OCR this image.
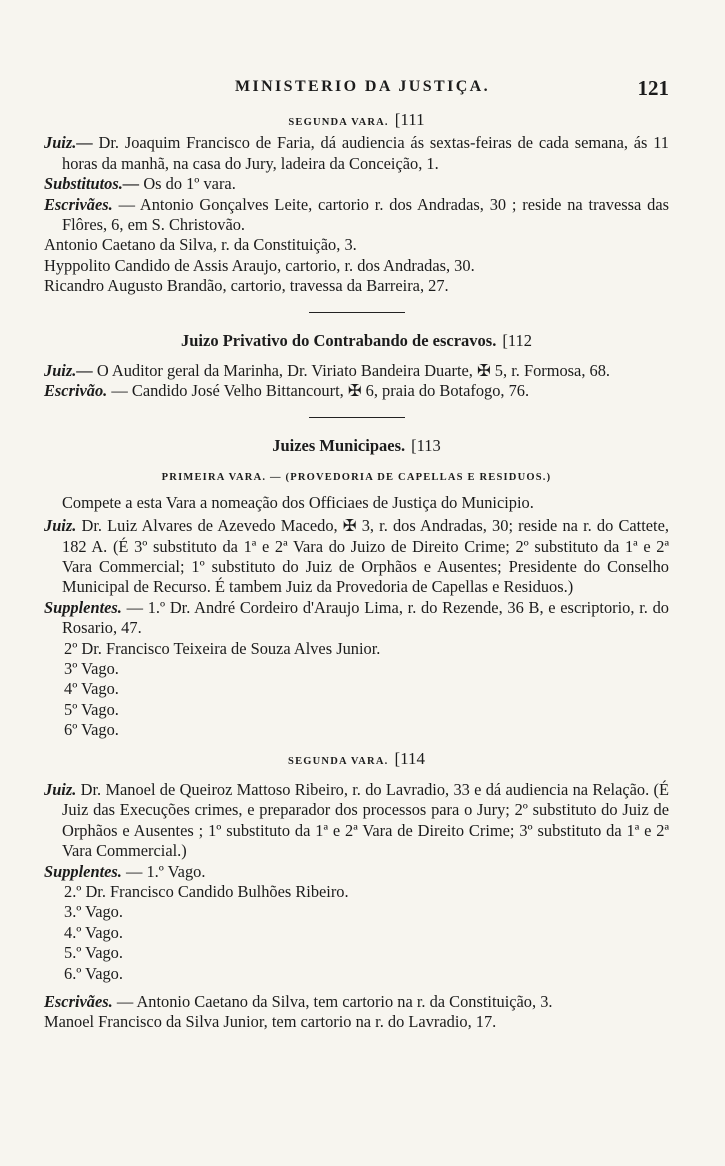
MINISTERIO DA JUSTIÇA.	121
SEGUNDA VARA. [111

Juiz.— Dr. Joaquim Francisco de Faria, dá audiencia ás sextas-feiras de cada semana, ás 11 horas da manhã, na casa do Jury, ladeira da Conceição, 1.

Substitutos.— Os do 1º vara.

Escrivães. — Antonio Gonçalves Leite, cartorio r. dos Andradas, 30 ; reside na travessa das Flôres, 6, em S. Christovão.

Antonio Caetano da Silva, r. da Constituição, 3.

Hyppolito Candido de Assis Araujo, cartorio, r. dos Andradas, 30.

Ricandro Augusto Brandão, cartorio, travessa da Barreira, 27.

Juizo Privativo do Contrabando de escravos. [112

Juiz.— O Auditor geral da Marinha, Dr. Viriato Bandeira Duarte, ✠ 5, r. Formosa, 68.

Escrivão. — Candido José Velho Bittancourt, ✠ 6, praia do Botafogo, 76.

Juizes Municipaes. [113
PRIMEIRA VARA. — (PROVEDORIA DE CAPELLAS E RESIDUOS.)

Compete a esta Vara a nomeação dos Officiaes de Justiça do Municipio.

Juiz. Dr. Luiz Alvares de Azevedo Macedo, ✠ 3, r. dos Andradas, 30; reside na r. do Cattete, 182 A. (É 3º substituto da 1ª e 2ª Vara do Juizo de Direito Crime; 2º substituto da 1ª e 2ª Vara Commercial; 1º substituto do Juiz de Orphãos e Ausentes; Presidente do Conselho Municipal de Recurso. É tambem Juiz da Provedoria de Capellas e Residuos.)

Supplentes. — 1.º Dr. André Cordeiro d'Araujo Lima, r. do Rezende, 36 B, e escriptorio, r. do Rosario, 47.

2º Dr. Francisco Teixeira de Souza Alves Junior.

3º Vago.

4º Vago.

5º Vago.

6º Vago.

SEGUNDA VARA. [114

Juiz. Dr. Manoel de Queiroz Mattoso Ribeiro, r. do Lavradio, 33 e dá audiencia na Relação. (É Juiz das Execuções crimes, e preparador dos processos para o Jury; 2º substituto do Juiz de Orphãos e Ausentes ; 1º substituto da 1ª e 2ª Vara de Direito Crime; 3º substituto da 1ª e 2ª Vara Commercial.)

Supplentes. — 1.º Vago.

2.º Dr. Francisco Candido Bulhões Ribeiro.

3.º Vago.

4.º Vago.

5.º Vago.

6.º Vago.

Escrivães. — Antonio Caetano da Silva, tem cartorio na r. da Constituição, 3.

Manoel Francisco da Silva Junior, tem cartorio na r. do Lavradio, 17.
